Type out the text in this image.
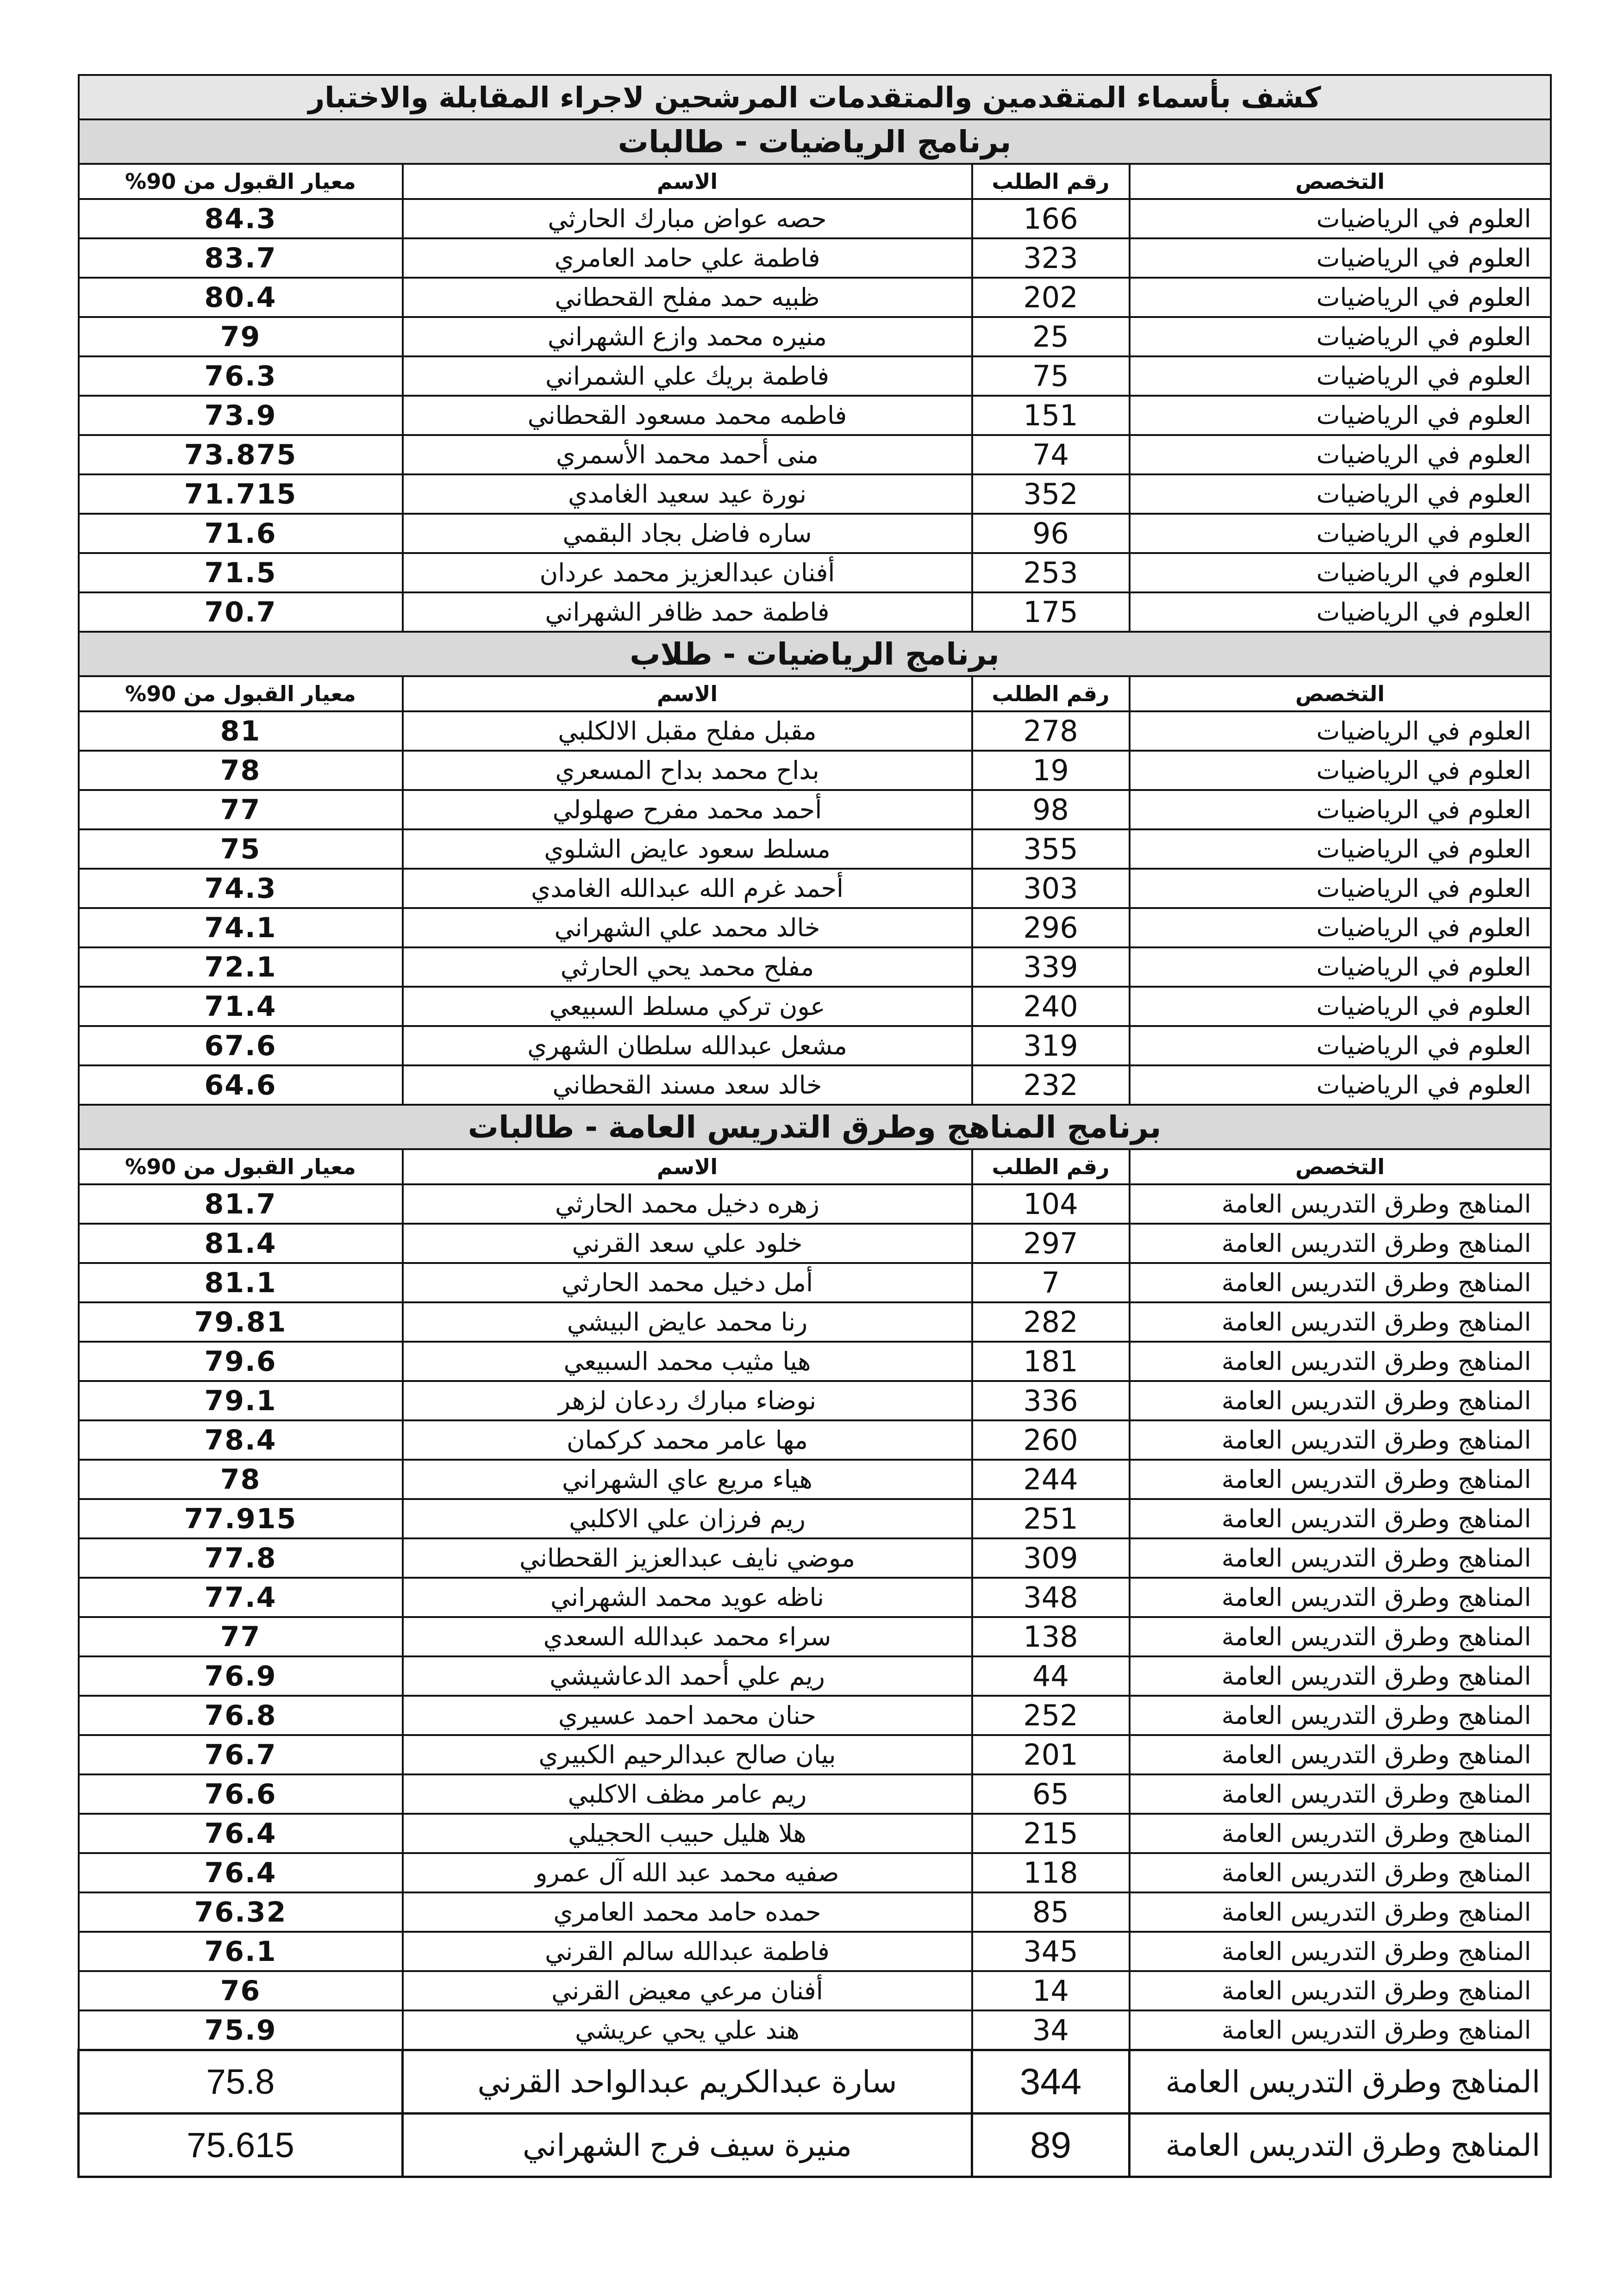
كشف بأسماء المتقدمين والمتقدمات المرشحين لاجراء المقابلة والاختبار			
برنامج الرياضيات - طالبات			
معيار القبول من 90%	الاسم	رقم الطلب	التخصص
84.3	حصه عواض مبارك الحارثي	166	العلوم في الرياضيات
83.7	فاطمة علي حامد العامري	323	العلوم في الرياضيات
80.4	ظبيه حمد مفلح القحطاني	202	العلوم في الرياضيات
79	منيره محمد وازع الشهراني	25	العلوم في الرياضيات
76.3	فاطمة بريك علي الشمراني	75	العلوم في الرياضيات
73.9	فاطمه محمد مسعود القحطاني	151	العلوم في الرياضيات
73.875	منى أحمد محمد الأسمري	74	العلوم في الرياضيات
71.715	نورة عيد سعيد الغامدي	352	العلوم في الرياضيات
71.6	ساره فاضل بجاد البقمي	96	العلوم في الرياضيات
71.5	أفنان عبدالعزيز محمد عردان	253	العلوم في الرياضيات
70.7	فاطمة حمد ظافر الشهراني	175	العلوم في الرياضيات
برنامج الرياضيات - طلاب			
معيار القبول من 90%	الاسم	رقم الطلب	التخصص
81	مقبل مفلح مقبل الالكلبي	278	العلوم في الرياضيات
78	بداح محمد بداح المسعري	19	العلوم في الرياضيات
77	أحمد محمد مفرح صهلولي	98	العلوم في الرياضيات
75	مسلط سعود عايض الشلوي	355	العلوم في الرياضيات
74.3	أحمد غرم الله عبدالله الغامدي	303	العلوم في الرياضيات
74.1	خالد محمد علي الشهراني	296	العلوم في الرياضيات
72.1	مفلح محمد يحي الحارثي	339	العلوم في الرياضيات
71.4	عون تركي مسلط السبيعي	240	العلوم في الرياضيات
67.6	مشعل عبدالله سلطان الشهري	319	العلوم في الرياضيات
64.6	خالد سعد مسند القحطاني	232	العلوم في الرياضيات
برنامج المناهج وطرق التدريس العامة - طالبات			
معيار القبول من 90%	الاسم	رقم الطلب	التخصص
81.7	زهره دخيل محمد الحارثي	104	المناهج وطرق التدريس العامة
81.4	خلود علي سعد القرني	297	المناهج وطرق التدريس العامة
81.1	أمل دخيل محمد الحارثي	7	المناهج وطرق التدريس العامة
79.81	رنا محمد عايض البيشي	282	المناهج وطرق التدريس العامة
79.6	هيا مثيب محمد السبيعي	181	المناهج وطرق التدريس العامة
79.1	نوضاء مبارك ردعان لزهر	336	المناهج وطرق التدريس العامة
78.4	مها عامر محمد كركمان	260	المناهج وطرق التدريس العامة
78	هياء مريع عاي الشهراني	244	المناهج وطرق التدريس العامة
77.915	ريم فرزان علي الاكلبي	251	المناهج وطرق التدريس العامة
77.8	موضي نايف عبدالعزيز القحطاني	309	المناهج وطرق التدريس العامة
77.4	ناظه عويد محمد الشهراني	348	المناهج وطرق التدريس العامة
77	سراء محمد عبدالله السعدي	138	المناهج وطرق التدريس العامة
76.9	ريم علي أحمد الدعاشيشي	44	المناهج وطرق التدريس العامة
76.8	حنان محمد احمد عسيري	252	المناهج وطرق التدريس العامة
76.7	بيان صالح عبدالرحيم الكبيري	201	المناهج وطرق التدريس العامة
76.6	ريم عامر مظف الاكلبي	65	المناهج وطرق التدريس العامة
76.4	هلا هليل حبيب الحجيلي	215	المناهج وطرق التدريس العامة
76.4	صفيه محمد عبد الله آل عمرو	118	المناهج وطرق التدريس العامة
76.32	حمده حامد محمد العامري	85	المناهج وطرق التدريس العامة
76.1	فاطمة عبدالله سالم القرني	345	المناهج وطرق التدريس العامة
76	أفنان مرعي معيض القرني	14	المناهج وطرق التدريس العامة
75.9	هند علي يحي عريشي	34	المناهج وطرق التدريس العامة
75.8	سارة عبدالكريم عبدالواحد القرني	344	المناهج وطرق التدريس العامة
75.615	منيرة سيف فرج الشهراني	89	المناهج وطرق التدريس العامة
